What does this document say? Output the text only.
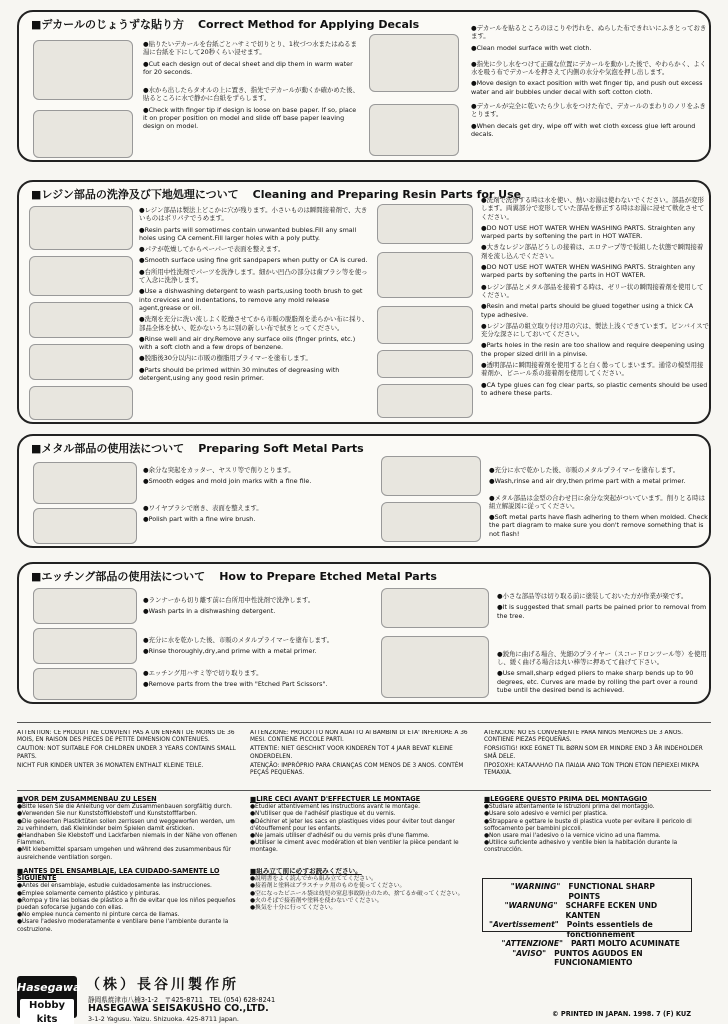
■デカールのじょうずな貼り方 Correct Method for Applying Decals

●貼りたいデカールを台紙ごとハサミで切りとり、1枚づつ水またはぬるま湯に台紙を下にして20秒くらい浸せます。

●Cut each design out of decal sheet and dip them in warm water for 20 seconds.

●水から出したらタオルの上に置き、指先でデカールが動くか確かめた後、貼るところに水で静かに台紙をずらします。

●Check with finger tip if design is loose on base paper. If so, place it on proper position on model and slide off base paper leaving design on model.

●デカールを貼るところのほこりや汚れを、ぬらした布できれいにふきとっておきます。

●Clean model surface with wet cloth.

●指先に少し水をつけて正確な位置にデカールを動かした後で、やわらかく、よく水を吸う布でデカールを押さえて内側の水分や気泡を押し出します。

●Move design to exact position with wet finger tip, and push out excess water and air bubbles under decal with soft cotton cloth.

●デカールが完全に乾いたら少し水をつけた布で、デカールのまわりのノリをふきとります。

●When decals get dry, wipe off with wet cloth excess glue left around decals.

■レジン部品の洗浄及び下地処理について Cleaning and Preparing Resin Parts for Use

●レジン部品は製法上どこかに穴が残ります。小さいものは瞬間接着剤で、大きいものはポリパテでうめます。

●Resin parts will sometimes contain unwanted bubles.Fill any small holes using CA cement.Fill larger holes with a poly putty.

●パテが乾燥してからペーパーで表面を整えます。

●Smooth surface using fine grit sandpapers when putty or CA is cured.

●台所用中性洗剤でパーツを洗浄します。細かい凹凸の部分は歯ブラシ等を使って入念に洗浄します。

●Use a dishwashing detergent to wash parts,using tooth brush to get into crevices and indentations, to remove any mold release agent,grease or oil.

●洗剤を充分に洗い流しよく乾燥させてから市販の脱脂剤を柔らかい布に採り、部品全体を拭い、乾かないうちに別の新しい布で拭きとってください。

●Rinse well and air dry.Remove any surface oils (finger prints, etc.) with a soft cloth and a few drops of benzene.

●脱脂後30分以内に市販の樹脂用プライマーを塗布します。

●Parts should be primed within 30 minutes of degreasing with detergent,using any good resin primer.

●洗剤で洗浄する時は水を使い、熱いお湯は使わないでください。部品が変形します。両翼部分で変形していた部品を修正する時はお湯に浸せて軟化させてください。

●DO NOT USE HOT WATER WHEN WASHING PARTS. Straighten any warped parts by softening the part in HOT WATER.

●大きなレジン部品どうしの接着は、エロテープ等で仮組した状態で瞬間接着剤を流し込んでください。

●DO NOT USE HOT WATER WHEN WASHING PARTS. Straighten any warped parts by softening the parts in HOT WATER.

●レジン部品とメタル部品を接着する時は、ゼリー状の瞬間接着剤を使用してください。

●Resin and metal parts should be glued together using a thick CA type adhesive.

●レジン部品の組立取り付け用の穴は、製法上浅くできています。ピンバイスで充分な深さにしておいてください。

●Parts holes in the resin are too shallow and require deepening using the proper sized drill in a pinvise.

●透明部品に瞬間接着剤を使用すると白く曇ってしまいます。通常の模型用接着剤か、ビニール系の接着剤を使用してください。

●CA type glues can fog clear parts, so plastic cements should be used to adhere these parts.

■メタル部品の使用法について Preparing Soft Metal Parts

●余分な突起をカッター、ヤスリ等で削りとります。

●Smooth edges and mold join marks with a fine file.

●ワイヤブラシで磨き、表面を整えます。

●Polish part with a fine wire brush.

●充分に水で乾かした後、市販のメタルプライマーを塗布します。

●Wash,rinse and air dry,then prime part with a metal primer.

●メタル部品は金型の合わせ目に余分な突起がついています。削りとる時は組立解説図に従ってください。

●Soft metal parts have flash adhering to them when molded. Check the part diagram to make sure you don't remove something that is not flash!

■エッチング部品の使用法について How to Prepare Etched Metal Parts

●ランナーから切り離す前に台所用中性洗剤で洗浄します。

●Wash parts in a dishwashing detergent.

●充分に水を乾かした後、市販のメタルプライマーを塗布します。

●Rinse thoroughly,dry,and prime with a metal primer.

●エッチング用ハサミ等で切り取ります。

●Remove parts from the tree with "Etched Part Scissors".

●小さな部品等は切り取る前に塗装しておいた方が作業が楽です。

●It is suggested that small parts be pained prior to removal from the tree.

●鋭角に曲げる場合、先細のプライヤー（スコードロンツール等）を使用し、緩く曲げる場合は丸い棒等に押あてて曲げて下さい。

●Use small,sharp edged pliers to make sharp bends up to 90 degrees, etc. Curves are made by rolling the part over a round tube until the desired bend is achieved.

ATTENTION: CE PRODUIT NE CONVIENT PAS A UN ENFANT DE MOINS DE 36 MOIS, EN RAISON DES PIECES DE PETITE DIMENSION CONTENUES.

CAUTION: NOT SUITABLE FOR CHILDREN UNDER 3 YEARS CONTAINS SMALL PARTS.

NICHT FUR KINDER UNTER 36 MONATEN ENTHALT KLEINE TEILE.

ATTENZIONE: PRODOTTO NON ADATTO AI BAMBINI DI ETA' INFERIORE A 36 MESI. CONTIENE PICCOLE PARTI.

ATTENTIE: NIET GESCHIKT VOOR KINDEREN TOT 4 JAAR BEVAT KLEINE ONDERDELEN.

ATENÇÃO: IMPRÓPRIO PARA CRIANÇAS COM MENOS DE 3 ANOS. CONTÉM PEÇAS PEQUENAS.

ATENCION: NO ES CONVENIENTE PARA NIÑOS MENORES DE 3 AÑOS. CONTIENE PIEZAS PEQUEÑAS.

FORSIGTIG! IKKE EGNET TIL BØRN SOM ER MINDRE END 3 ÅR INDEHOLDER SMÅ DELE.

ΠΡΟΣΟΧΗ: ΚΑΤΑΛΛΗΛΟ ΓΙΑ ΠΑΙΔΙΑ ΑΝΩ ΤΩΝ ΤΡΙΩΝ ΕΤΩΝ ΠΕΡΙΕΧΕΙ ΜΙΚΡΑ ΤΕΜΑΧΙΑ.

■VOR DEM ZUSAMMENBAU ZU LESEN

●Bitte lesen Sie die Anleitung vor dem Zusammenbauen sorgfältig durch.

●Verwenden Sie nur Kunststoffklebstoff und Kunststofffarben.

●Die geleerten Plastiktüten sollen zerrissen und weggeworfen werden, um zu verhindern, daß Kleinkinder beim Spielen damit ersticken.

●Handhaben Sie Klebstoff und Lackfarben niemals in der Nähe von offenen Flammen.

●Mit klebemittel sparsam umgehen und während des zusammenbaus für ausreichende ventilation sorgen.

■LIRE CECI AVANT D'EFFECTUER LE MONTAGE

●Etudier attentivement les instructions avant le montage.

●N'utiliser que de l'adhésif plastique et du vernis.

●Déchirer et jeter les sacs en plastiques vides pour éviter tout danger d'étouffement pour les enfants.

●Ne jamais utiliser d'adhésif ou du vernis près d'une flamme.

●Utiliser le ciment avec modération et bien ventiler la pièce pendant le montage.

■LEGGERE QUESTO PRIMA DEL MONTAGGIO

●Studiare attentamente le istruzioni prima del montaggio.

●Usare solo adesivo e vernici per plastica.

●Strappare e gettare le buste di plastica vuote per evitare il pericolo di soffocamento per bambini piccoli.

●Non usare mai l'adesivo o la vernice vicino ad una fiamma.

●Utilice suficiente adhesivo y ventile bien la habitación durante la construcción.

■ANTES DEL ENSAMBLAJE, LEA CUIDADO-SAMENTE LO SIGUIENTE

●Antes del ensamblaje, estudie cuidadosamente las instrucciones.

●Emplee solamente cemento plástico y pinturas.

●Rompa y tire las bolsas de plástico a fin de evitar que los niños pequeños puedan sofocarse jugando con ellas.

●No emplee nunca cemento ni pinture cerca de llamas.

●Usare l'adesivo moderatamente e ventilare bene l'ambiente durante la costruzione.

■組み立て前に必ずお読みください。

●説明書をよく読んでから組み立ててください。

●接着剤と塗料はプラスチック用のものを使ってください。

●空になったビニール袋は幼児の窒息事故防止のため、捨てるか破ってください。

●火のそばで接着剤や塗料を使わないでください。

●換気を十分に行ってください。

"WARNING" FUNCTIONAL SHARP POINTS
"WARNUNG" SCHARFE ECKEN UND KANTEN
"Avertissement" Points essentiels de fonctionnement
"ATTENZIONE" PARTI MOLTO ACUMINATE
"AVISO" PUNTOS AGUDOS EN FUNCIONAMIENTO
Hasegawa
Hobby kits
（株）長谷川製作所
静岡県焼津市八楠3-1-2　〒425-8711　TEL (054) 628-8241
HASEGAWA SEISAKUSHO CO.,LTD.
3-1-2 Yagusu. Yaizu. Shizuoka. 425-8711 Japan.
© PRINTED IN JAPAN. 1998. 7 (F) KUZ
